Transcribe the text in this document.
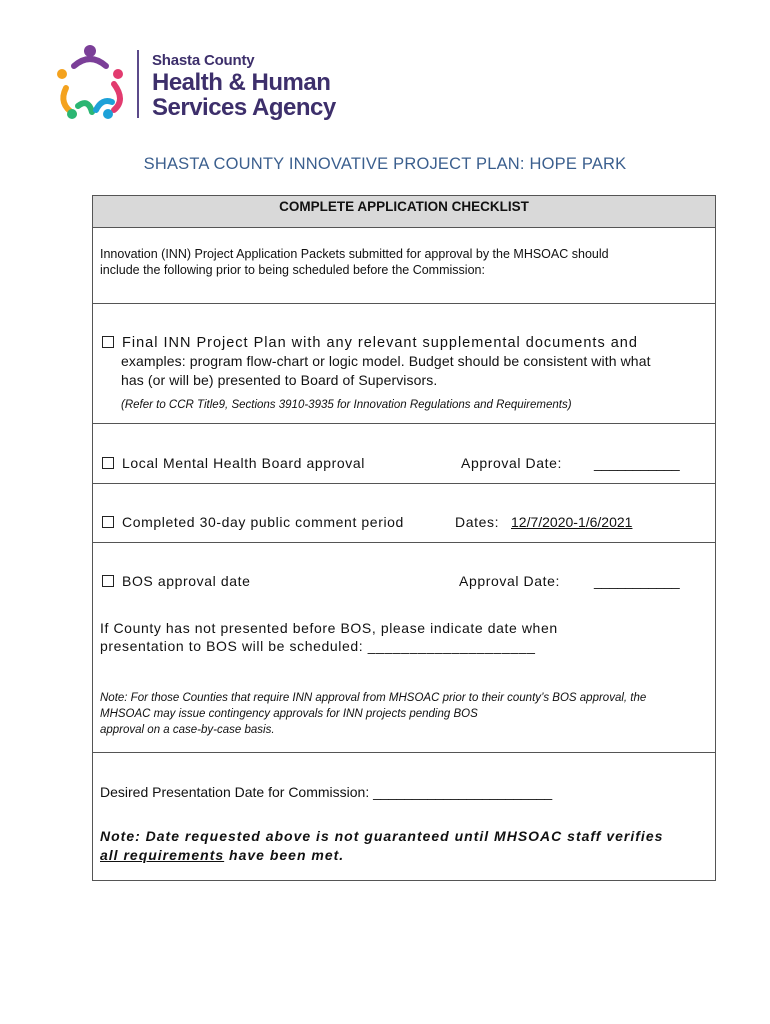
Shasta County
Health & Human
Services Agency
SHASTA COUNTY INNOVATIVE PROJECT PLAN: HOPE PARK
COMPLETE APPLICATION CHECKLIST
Innovation (INN) Project Application Packets submitted for approval by the MHSOAC should
include the following prior to being scheduled before the Commission:
Final INN Project Plan with any relevant supplemental documents and
examples: program flow-chart or logic model. Budget should be consistent with what
has (or will be) presented to Board of Supervisors.
(Refer to CCR Title9, Sections 3910-3935 for Innovation Regulations and Requirements)
Local Mental Health Board approval	Approval Date: ___________
Completed 30-day public comment period	Dates: 12/7/2020-1/6/2021
BOS approval date	Approval Date: ___________
If County has not presented before BOS, please indicate date when
presentation to BOS will be scheduled: ____________________
Note: For those Counties that require INN approval from MHSOAC prior to their county’s BOS approval, the
MHSOAC may issue contingency approvals for INN projects pending BOS
approval on a case-by-case basis.
Desired Presentation Date for Commission: _______________________
Note: Date requested above is not guaranteed until MHSOAC staff verifies
all requirements have been met.
